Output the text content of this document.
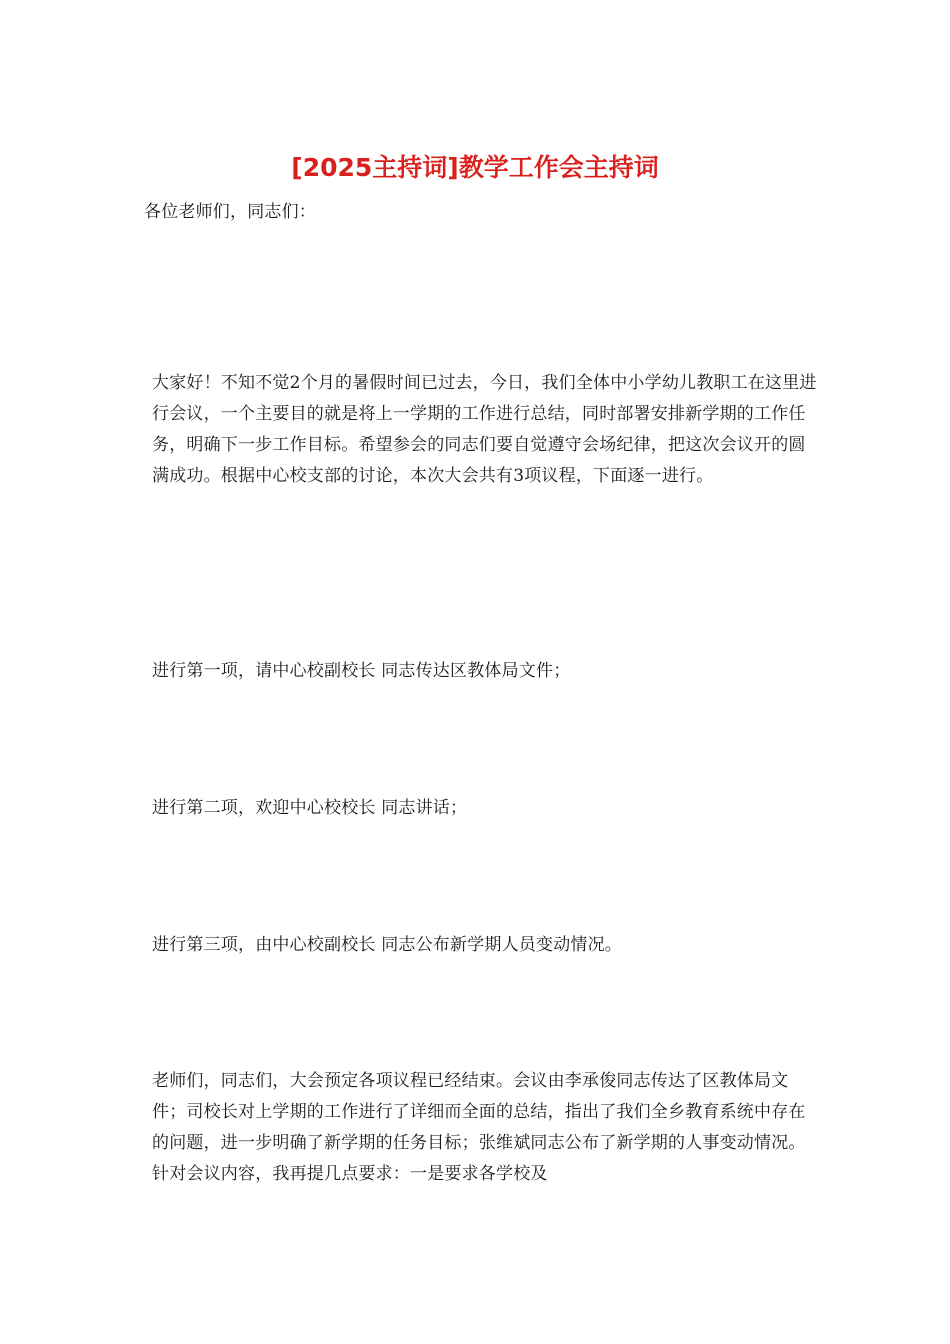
[2025主持词]教学工作会主持词

各位老师们，同志们：

大家好！不知不觉2个月的暑假时间已过去，今日，我们全体中小学幼儿教职工在这里进行会议，一个主要目的就是将上一学期的工作进行总结，同时部署安排新学期的工作任务，明确下一步工作目标。希望参会的同志们要自觉遵守会场纪律，把这次会议开的圆满成功。根据中心校支部的讨论，本次大会共有3项议程，下面逐一进行。

进行第一项，请中心校副校长 同志传达区教体局文件；

进行第二项，欢迎中心校校长 同志讲话；

进行第三项，由中心校副校长 同志公布新学期人员变动情况。

老师们，同志们，大会预定各项议程已经结束。会议由李承俊同志传达了区教体局文件；司校长对上学期的工作进行了详细而全面的总结，指出了我们全乡教育系统中存在的问题，进一步明确了新学期的任务目标；张维斌同志公布了新学期的人事变动情况。针对会议内容，我再提几点要求：一是要求各学校及
